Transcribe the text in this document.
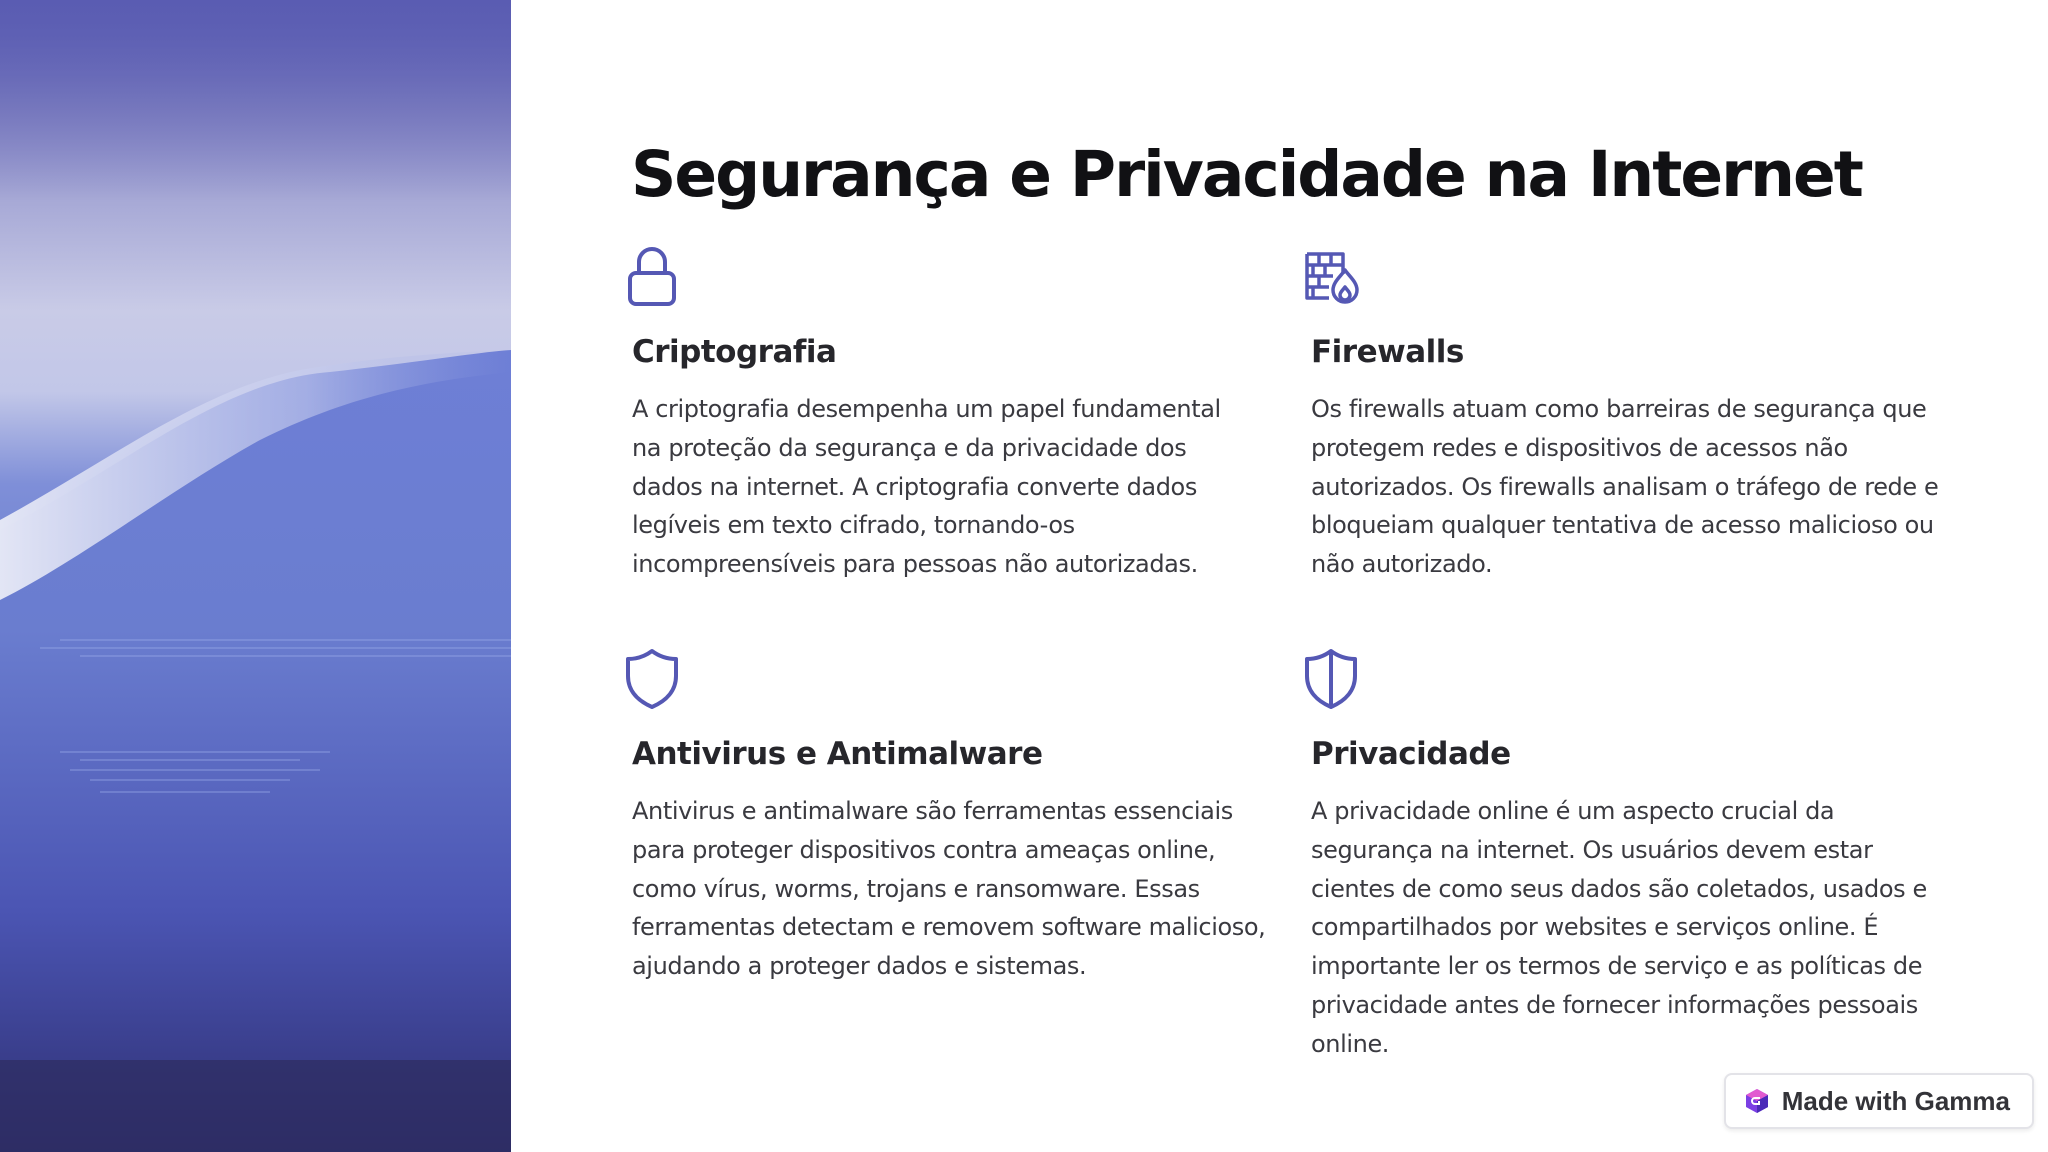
Segurança e Privacidade na Internet
Criptografia

A criptografia desempenha um papel fundamental na proteção da segurança e da privacidade dos dados na internet. A criptografia converte dados legíveis em texto cifrado, tornando-os incompreensíveis para pessoas não autorizadas.

Firewalls

Os firewalls atuam como barreiras de segurança que protegem redes e dispositivos de acessos não autorizados. Os firewalls analisam o tráfego de rede e bloqueiam qualquer tentativa de acesso malicioso ou não autorizado.

Antivirus e Antimalware

Antivirus e antimalware são ferramentas essenciais para proteger dispositivos contra ameaças online, como vírus, worms, trojans e ransomware. Essas ferramentas detectam e removem software malicioso, ajudando a proteger dados e sistemas.

Privacidade

A privacidade online é um aspecto crucial da segurança na internet. Os usuários devem estar cientes de como seus dados são coletados, usados e compartilhados por websites e serviços online. É importante ler os termos de serviço e as políticas de privacidade antes de fornecer informações pessoais online.

Made with Gamma
